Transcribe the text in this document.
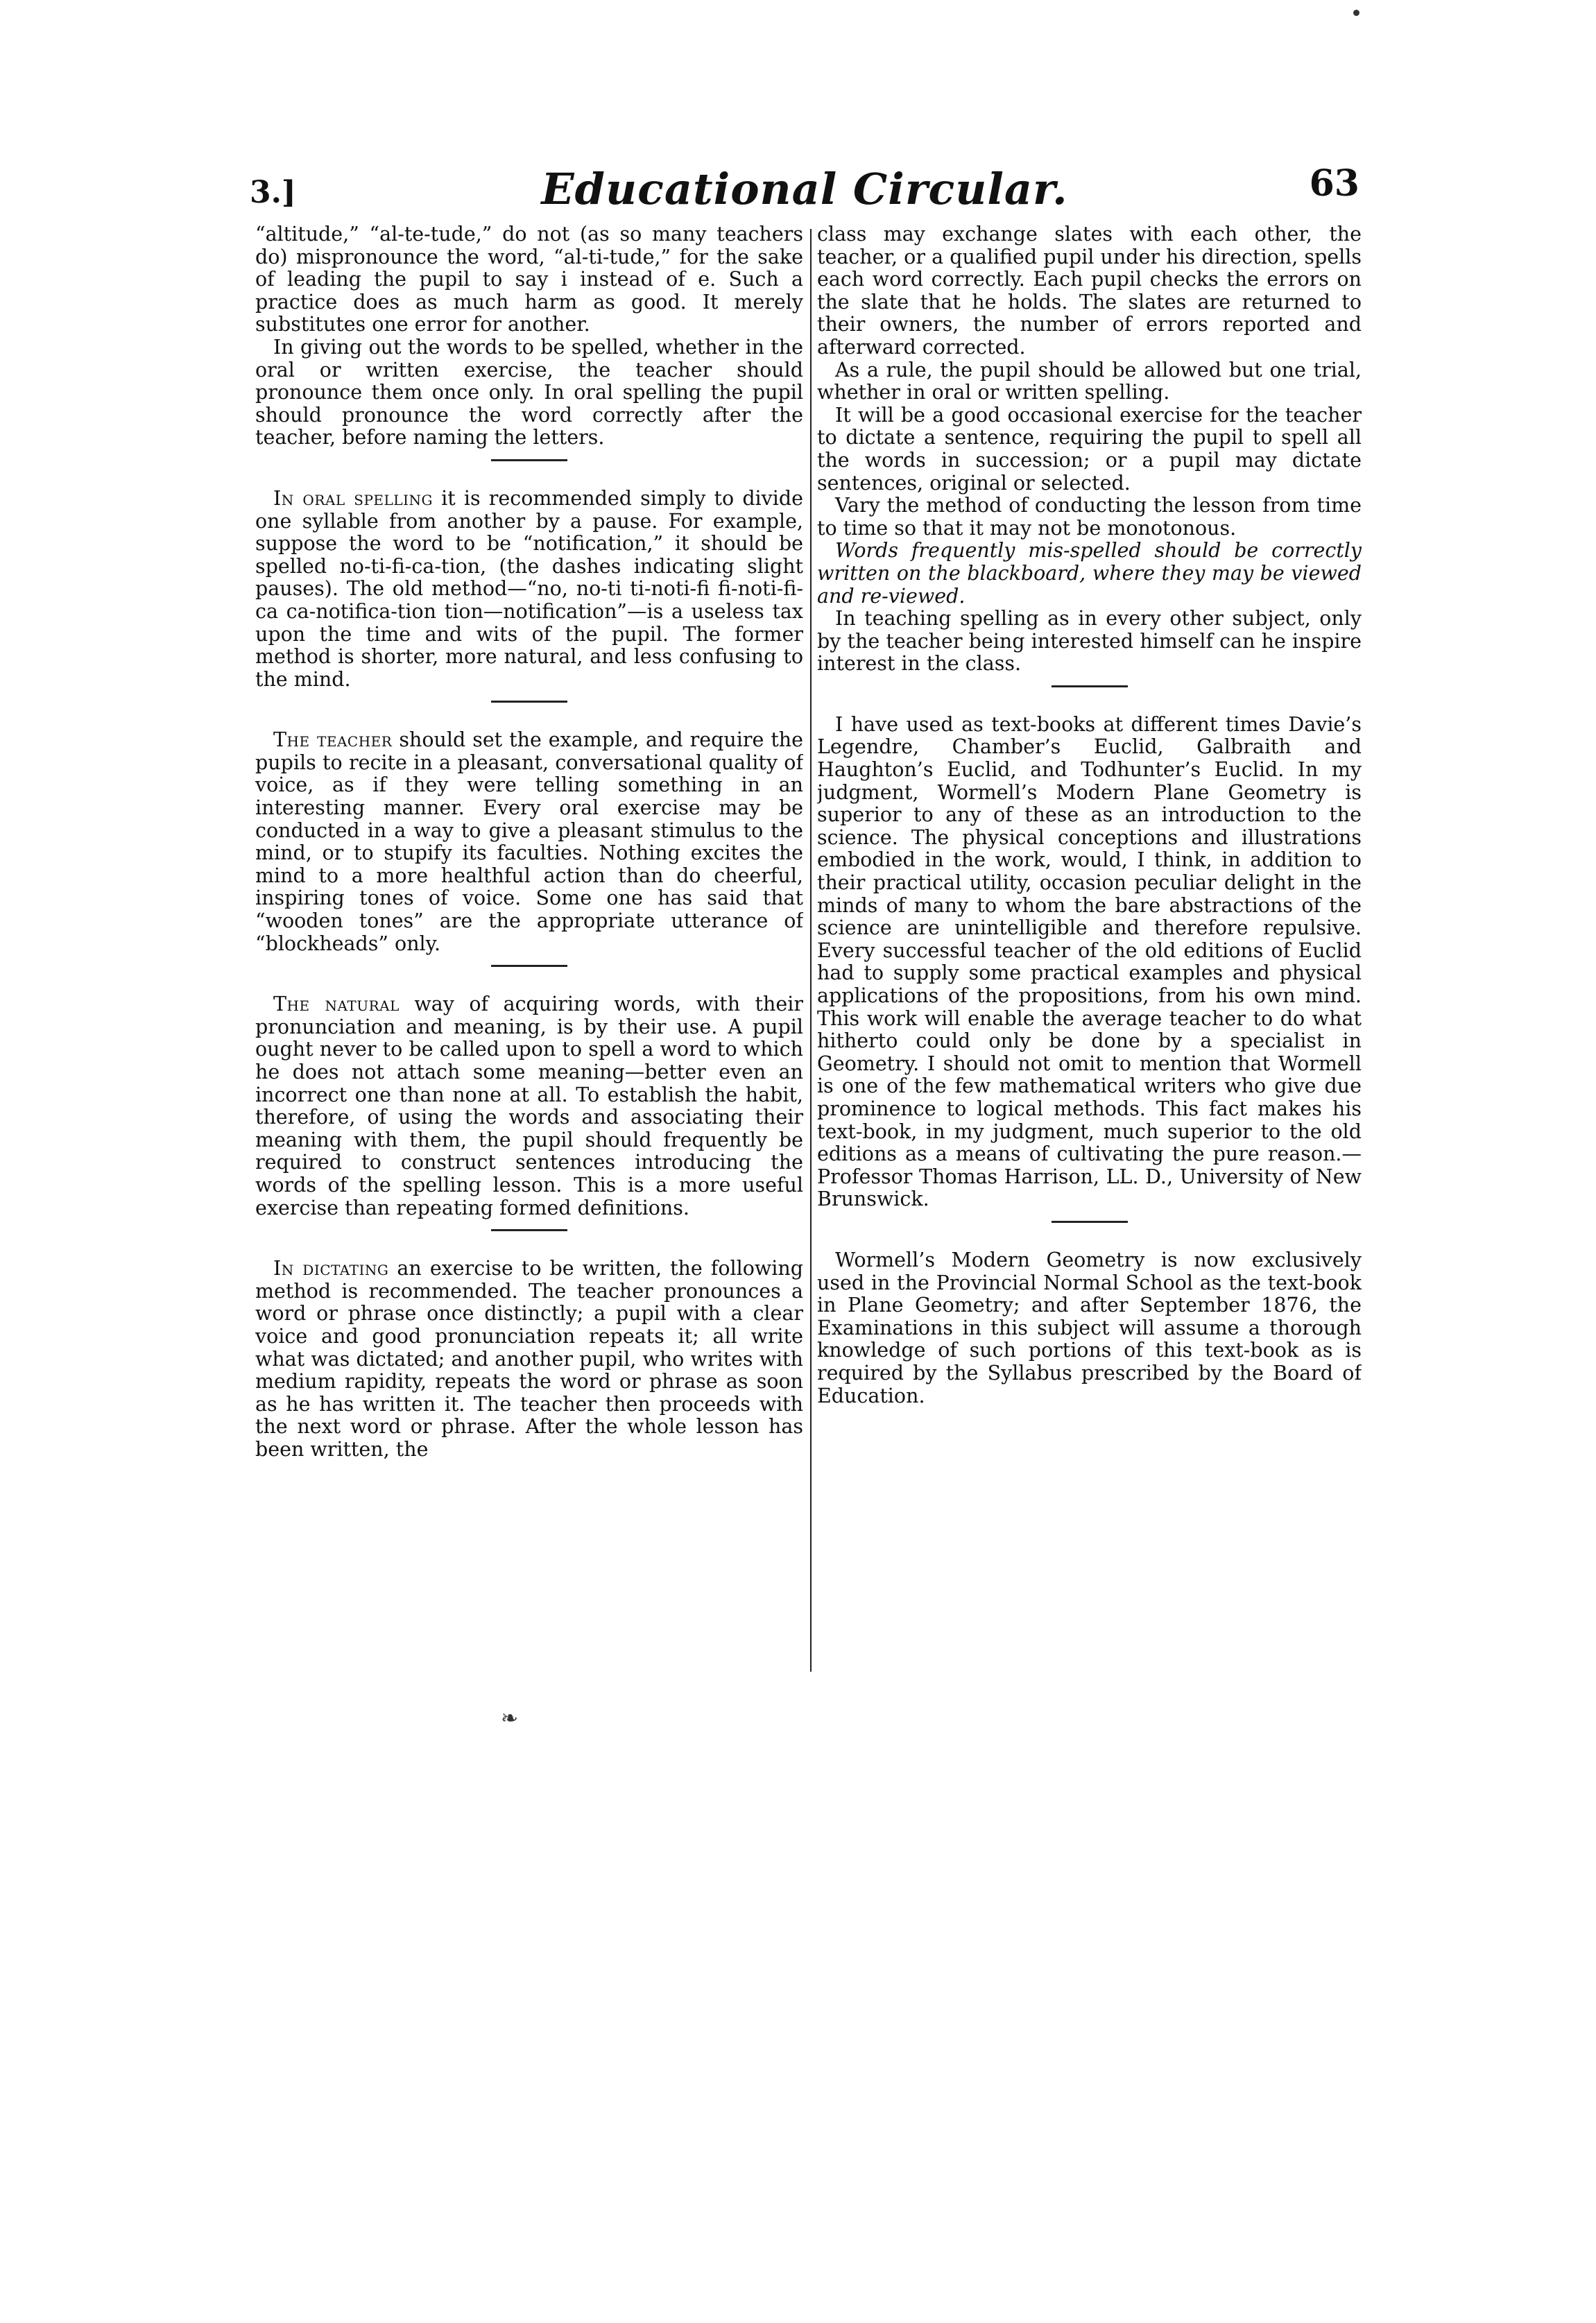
3.]	Educational Circular.	63

“altitude,” “al-te-tude,” do not (as so many teachers do) mispronounce the word, “al-ti-tude,” for the sake of leading the pupil to say i instead of e. Such a practice does as much harm as good. It merely substitutes one error for another.

In giving out the words to be spelled, whether in the oral or written exercise, the teacher should pronounce them once only. In oral spelling the pupil should pronounce the word correctly after the teacher, before naming the letters.

In oral spelling it is recommended simply to divide one syllable from another by a pause. For example, suppose the word to be “notification,” it should be spelled no-ti-fi-ca-tion, (the dashes indicating slight pauses). The old method—“no, no-ti ti-noti-fi fi-noti-fi-ca ca-notifica-tion tion—notification”—is a useless tax upon the time and wits of the pupil. The former method is shorter, more natural, and less confusing to the mind.

The teacher should set the example, and require the pupils to recite in a pleasant, conversational quality of voice, as if they were telling something in an interesting manner. Every oral exercise may be conducted in a way to give a pleasant stimulus to the mind, or to stupify its faculties. Nothing excites the mind to a more healthful action than do cheerful, inspiring tones of voice. Some one has said that “wooden tones” are the appropriate utterance of “blockheads” only.

The natural way of acquiring words, with their pronunciation and meaning, is by their use. A pupil ought never to be called upon to spell a word to which he does not attach some meaning—better even an incorrect one than none at all. To establish the habit, therefore, of using the words and associating their meaning with them, the pupil should frequently be required to construct sentences introducing the words of the spelling lesson. This is a more useful exercise than repeating formed definitions.

In dictating an exercise to be written, the following method is recommended. The teacher pronounces a word or phrase once distinctly; a pupil with a clear voice and good pronunciation repeats it; all write what was dictated; and another pupil, who writes with medium rapidity, repeats the word or phrase as soon as he has written it. The teacher then proceeds with the next word or phrase. After the whole lesson has been written, the

class may exchange slates with each other, the teacher, or a qualified pupil under his direction, spells each word correctly. Each pupil checks the errors on the slate that he holds. The slates are returned to their owners, the number of errors reported and afterward corrected.

As a rule, the pupil should be allowed but one trial, whether in oral or written spelling.

It will be a good occasional exercise for the teacher to dictate a sentence, requiring the pupil to spell all the words in succession; or a pupil may dictate sentences, original or selected.

Vary the method of conducting the lesson from time to time so that it may not be monotonous.

Words frequently mis-spelled should be correctly written on the blackboard, where they may be viewed and re-viewed.

In teaching spelling as in every other subject, only by the teacher being interested himself can he inspire interest in the class.

I have used as text-books at different times Davie’s Legendre, Chamber’s Euclid, Galbraith and Haughton’s Euclid, and Todhunter’s Euclid. In my judgment, Wormell’s Modern Plane Geometry is superior to any of these as an introduction to the science. The physical conceptions and illustrations embodied in the work, would, I think, in addition to their practical utility, occasion peculiar delight in the minds of many to whom the bare abstractions of the science are unintelligible and therefore repulsive. Every successful teacher of the old editions of Euclid had to supply some practical examples and physical applications of the propositions, from his own mind. This work will enable the average teacher to do what hitherto could only be done by a specialist in Geometry. I should not omit to mention that Wormell is one of the few mathematical writers who give due prominence to logical methods. This fact makes his text-book, in my judgment, much superior to the old editions as a means of cultivating the pure reason.—Professor Thomas Harrison, LL. D., University of New Brunswick.

Wormell’s Modern Geometry is now exclusively used in the Provincial Normal School as the text-book in Plane Geometry; and after September 1876, the Examinations in this subject will assume a thorough knowledge of such portions of this text-book as is required by the Syllabus prescribed by the Board of Education.

❧
